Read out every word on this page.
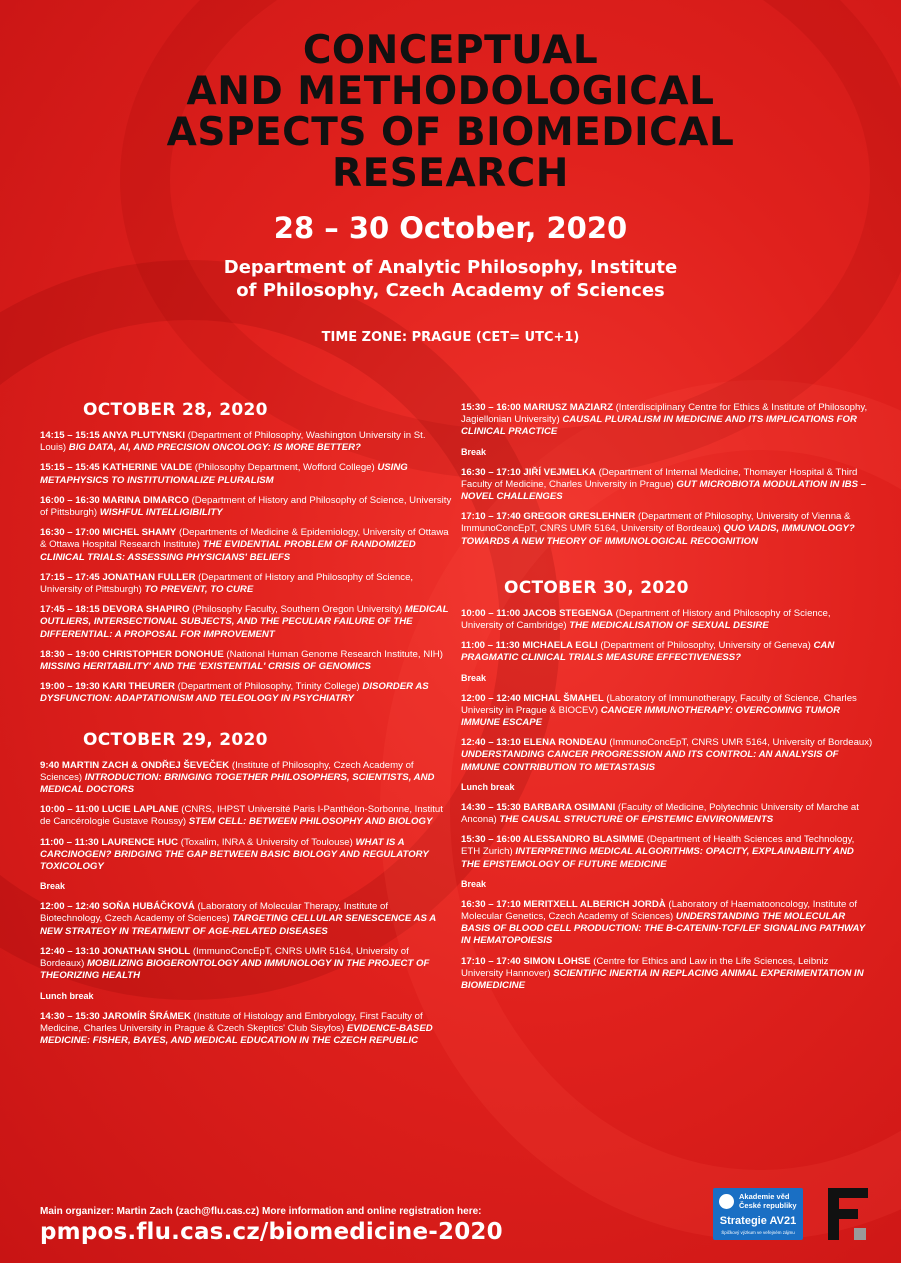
CONCEPTUAL
AND METHODOLOGICAL
ASPECTS OF BIOMEDICAL
RESEARCH
28 – 30 October, 2020
Department of Analytic Philosophy, Institute
of Philosophy, Czech Academy of Sciences
TIME ZONE: PRAGUE (CET= UTC+1)
OCTOBER 28, 2020
14:15 – 15:15 ANYA PLUTYNSKI (Department of Philosophy, Washington University in St. Louis) BIG DATA, AI, AND PRECISION ONCOLOGY: IS MORE BETTER?
15:15 – 15:45 KATHERINE VALDE (Philosophy Department, Wofford College) USING METAPHYSICS TO INSTITUTIONALIZE PLURALISM
16:00 – 16:30 MARINA DIMARCO (Department of History and Philosophy of Science, University of Pittsburgh) WISHFUL INTELLIGIBILITY
16:30 – 17:00 MICHEL SHAMY (Departments of Medicine & Epidemiology, University of Ottawa & Ottawa Hospital Research Institute) THE EVIDENTIAL PROBLEM OF RANDOMIZED CLINICAL TRIALS: ASSESSING PHYSICIANS' BELIEFS
17:15 – 17:45 JONATHAN FULLER (Department of History and Philosophy of Science, University of Pittsburgh) TO PREVENT, TO CURE
17:45 – 18:15 DEVORA SHAPIRO (Philosophy Faculty, Southern Oregon University) MEDICAL OUTLIERS, INTERSECTIONAL SUBJECTS, AND THE PECULIAR FAILURE OF THE DIFFERENTIAL: A PROPOSAL FOR IMPROVEMENT
18:30 – 19:00 CHRISTOPHER DONOHUE (National Human Genome Research Institute, NIH) MISSING HERITABILITY' AND THE 'EXISTENTIAL' CRISIS OF GENOMICS
19:00 – 19:30 KARI THEURER (Department of Philosophy, Trinity College) DISORDER AS DYSFUNCTION: ADAPTATIONISM AND TELEOLOGY IN PSYCHIATRY
OCTOBER 29, 2020
9:40 MARTIN ZACH & ONDŘEJ ŠEVEČEK (Institute of Philosophy, Czech Academy of Sciences) INTRODUCTION: BRINGING TOGETHER PHILOSOPHERS, SCIENTISTS, AND MEDICAL DOCTORS
10:00 – 11:00 LUCIE LAPLANE (CNRS, IHPST Université Paris I-Panthéon-Sorbonne, Institut de Cancérologie Gustave Roussy) STEM CELL: BETWEEN PHILOSOPHY AND BIOLOGY
11:00 – 11:30 LAURENCE HUC (Toxalim, INRA & University of Toulouse) WHAT IS A CARCINOGEN? BRIDGING THE GAP BETWEEN BASIC BIOLOGY AND REGULATORY TOXICOLOGY
Break
12:00 – 12:40 SOŇA HUBÁČKOVÁ (Laboratory of Molecular Therapy, Institute of Biotechnology, Czech Academy of Sciences) TARGETING CELLULAR SENESCENCE AS A NEW STRATEGY IN TREATMENT OF AGE-RELATED DISEASES
12:40 – 13:10 JONATHAN SHOLL (ImmunoConcEpT, CNRS UMR 5164, University of Bordeaux) MOBILIZING BIOGERONTOLOGY AND IMMUNOLOGY IN THE PROJECT OF THEORIZING HEALTH
Lunch break
14:30 – 15:30 JAROMÍR ŠRÁMEK (Institute of Histology and Embryology, First Faculty of Medicine, Charles University in Prague & Czech Skeptics' Club Sisyfos) EVIDENCE-BASED MEDICINE: FISHER, BAYES, AND MEDICAL EDUCATION IN THE CZECH REPUBLIC
15:30 – 16:00 MARIUSZ MAZIARZ (Interdisciplinary Centre for Ethics & Institute of Philosophy, Jagiellonian University) CAUSAL PLURALISM IN MEDICINE AND ITS IMPLICATIONS FOR CLINICAL PRACTICE
Break
16:30 – 17:10 JIŘÍ VEJMELKA (Department of Internal Medicine, Thomayer Hospital & Third Faculty of Medicine, Charles University in Prague) GUT MICROBIOTA MODULATION IN IBS – NOVEL CHALLENGES
17:10 – 17:40 GREGOR GRESLEHNER (Department of Philosophy, University of Vienna & ImmunoConcEpT, CNRS UMR 5164, University of Bordeaux) QUO VADIS, IMMUNOLOGY? TOWARDS A NEW THEORY OF IMMUNOLOGICAL RECOGNITION
OCTOBER 30, 2020
10:00 – 11:00 JACOB STEGENGA (Department of History and Philosophy of Science, University of Cambridge) THE MEDICALISATION OF SEXUAL DESIRE
11:00 – 11:30 MICHAELA EGLI (Department of Philosophy, University of Geneva) CAN PRAGMATIC CLINICAL TRIALS MEASURE EFFECTIVENESS?
Break
12:00 – 12:40 MICHAL ŠMAHEL (Laboratory of Immunotherapy, Faculty of Science, Charles University in Prague & BIOCEV) CANCER IMMUNOTHERAPY: OVERCOMING TUMOR IMMUNE ESCAPE
12:40 – 13:10 ELENA RONDEAU (ImmunoConcEpT, CNRS UMR 5164, University of Bordeaux) UNDERSTANDING CANCER PROGRESSION AND ITS CONTROL: AN ANALYSIS OF IMMUNE CONTRIBUTION TO METASTASIS
Lunch break
14:30 – 15:30 BARBARA OSIMANI (Faculty of Medicine, Polytechnic University of Marche at Ancona) THE CAUSAL STRUCTURE OF EPISTEMIC ENVIRONMENTS
15:30 – 16:00 ALESSANDRO BLASIMME (Department of Health Sciences and Technology, ETH Zurich) INTERPRETING MEDICAL ALGORITHMS: OPACITY, EXPLAINABILITY AND THE EPISTEMOLOGY OF FUTURE MEDICINE
Break
16:30 – 17:10 MERITXELL ALBERICH JORDÀ (Laboratory of Haematooncology, Institute of Molecular Genetics, Czech Academy of Sciences) UNDERSTANDING THE MOLECULAR BASIS OF BLOOD CELL PRODUCTION: THE Β-CATENIN-TCF/LEF SIGNALING PATHWAY IN HEMATOPOIESIS
17:10 – 17:40 SIMON LOHSE (Centre for Ethics and Law in the Life Sciences, Leibniz University Hannover) SCIENTIFIC INERTIA IN REPLACING ANIMAL EXPERIMENTATION IN BIOMEDICINE
Main organizer: Martin Zach (zach@flu.cas.cz) More information and online registration here:
pmpos.flu.cas.cz/biomedicine-2020
Akademie věd
České republiky
Strategie AV21
Špičkový výzkum ve veřejném zájmu
